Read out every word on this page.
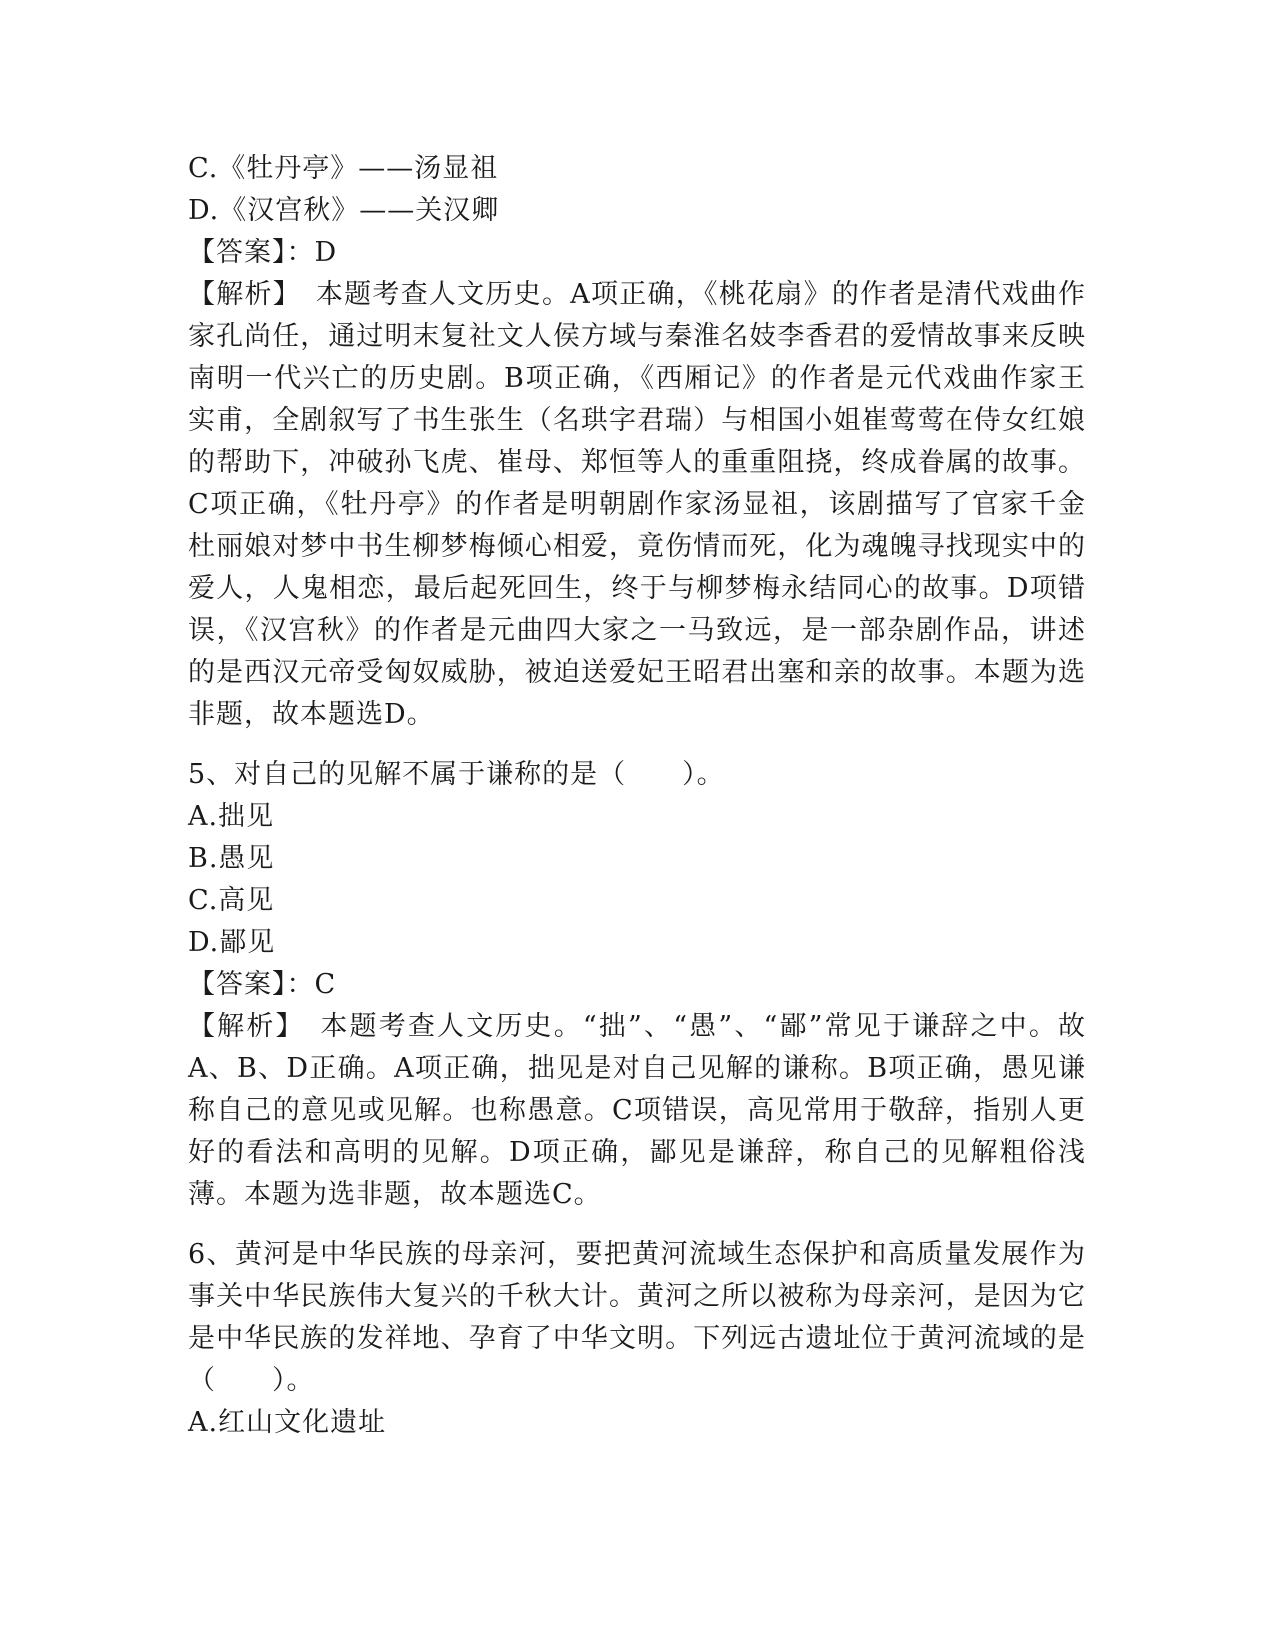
C.《牡丹亭》——汤显祖
D.《汉宫秋》——关汉卿
【答案】：D
【解析】　本题考查人文历史。A项正确，《桃花扇》的作者是清代戏曲作家孔尚任，通过明末复社文人侯方域与秦淮名妓李香君的爱情故事来反映南明一代兴亡的历史剧。B项正确，《西厢记》的作者是元代戏曲作家王实甫，全剧叙写了书生张生（名珙字君瑞）与相国小姐崔莺莺在侍女红娘的帮助下，冲破孙飞虎、崔母、郑恒等人的重重阻挠，终成眷属的故事。C项正确，《牡丹亭》的作者是明朝剧作家汤显祖，该剧描写了官家千金杜丽娘对梦中书生柳梦梅倾心相爱，竟伤情而死，化为魂魄寻找现实中的爱人，人鬼相恋，最后起死回生，终于与柳梦梅永结同心的故事。D项错误，《汉宫秋》的作者是元曲四大家之一马致远，是一部杂剧作品，讲述的是西汉元帝受匈奴威胁，被迫送爱妃王昭君出塞和亲的故事。本题为选非题，故本题选D。
5、对自己的见解不属于谦称的是（　　）。
A.拙见
B.愚见
C.高见
D.鄙见
【答案】：C
【解析】　本题考查人文历史。“拙”、“愚”、“鄙”常见于谦辞之中。故A、B、D正确。A项正确，拙见是对自己见解的谦称。B项正确，愚见谦称自己的意见或见解。也称愚意。C项错误，高见常用于敬辞，指别人更好的看法和高明的见解。D项正确，鄙见是谦辞，称自己的见解粗俗浅薄。本题为选非题，故本题选C。
6、黄河是中华民族的母亲河，要把黄河流域生态保护和高质量发展作为事关中华民族伟大复兴的千秋大计。黄河之所以被称为母亲河，是因为它是中华民族的发祥地、孕育了中华文明。下列远古遗址位于黄河流域的是（　　）。
A.红山文化遗址
